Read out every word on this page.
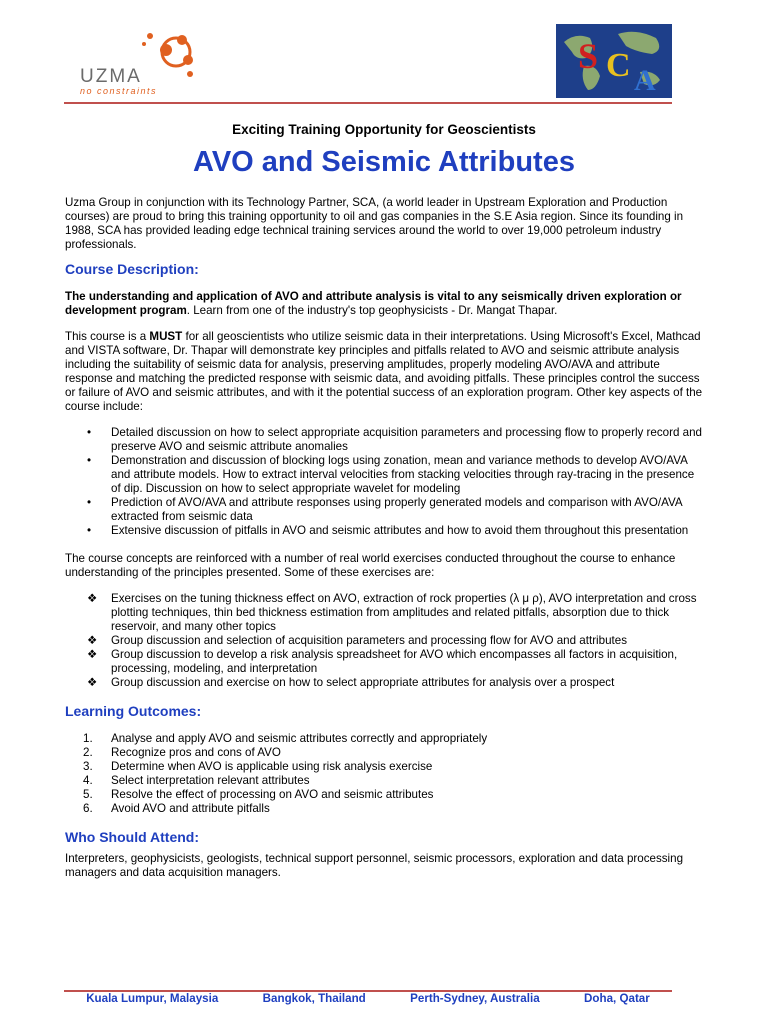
UZMA
no constraints
S C A
Exciting Training Opportunity for Geoscientists
AVO and Seismic Attributes

Uzma Group in conjunction with its Technology Partner, SCA, (a world leader in Upstream Exploration and Production courses) are proud to bring this training opportunity to oil and gas companies in the S.E Asia region. Since its founding in 1988, SCA has provided leading edge technical training services around the world to over 19,000 petroleum industry professionals.

Course Description:

The understanding and application of AVO and attribute analysis is vital to any seismically driven exploration or development program. Learn from one of the industry's top geophysicists - Dr. Mangat Thapar.

This course is a MUST for all geoscientists who utilize seismic data in their interpretations. Using Microsoft's Excel, Mathcad and VISTA software, Dr. Thapar will demonstrate key principles and pitfalls related to AVO and seismic attribute analysis including the suitability of seismic data for analysis, preserving amplitudes, properly modeling AVO/AVA and attribute response and matching the predicted response with seismic data, and avoiding pitfalls. These principles control the success or failure of AVO and seismic attributes, and with it the potential success of an exploration program. Other key aspects of the course include:

• Detailed discussion on how to select appropriate acquisition parameters and processing flow to properly record and preserve AVO and seismic attribute anomalies
• Demonstration and discussion of blocking logs using zonation, mean and variance methods to develop AVO/AVA and attribute models. How to extract interval velocities from stacking velocities through ray-tracing in the presence of dip. Discussion on how to select appropriate wavelet for modeling
• Prediction of AVO/AVA and attribute responses using properly generated models and comparison with AVO/AVA extracted from seismic data
• Extensive discussion of pitfalls in AVO and seismic attributes and how to avoid them throughout this presentation

The course concepts are reinforced with a number of real world exercises conducted throughout the course to enhance understanding of the principles presented. Some of these exercises are:

❖ Exercises on the tuning thickness effect on AVO, extraction of rock properties (λ μ ρ), AVO interpretation and cross plotting techniques, thin bed thickness estimation from amplitudes and related pitfalls, absorption due to thick reservoir, and many other topics
❖ Group discussion and selection of acquisition parameters and processing flow for AVO and attributes
❖ Group discussion to develop a risk analysis spreadsheet for AVO which encompasses all factors in acquisition, processing, modeling, and interpretation
❖ Group discussion and exercise on how to select appropriate attributes for analysis over a prospect

Learning Outcomes:

1. Analyse and apply AVO and seismic attributes correctly and appropriately
2. Recognize pros and cons of AVO
3. Determine when AVO is applicable using risk analysis exercise
4. Select interpretation relevant attributes
5. Resolve the effect of processing on AVO and seismic attributes
6. Avoid AVO and attribute pitfalls

Who Should Attend:

Interpreters, geophysicists, geologists, technical support personnel, seismic processors, exploration and data processing managers and data acquisition managers.

Kuala Lumpur, Malaysia	Bangkok, Thailand	Perth-Sydney, Australia	Doha, Qatar
